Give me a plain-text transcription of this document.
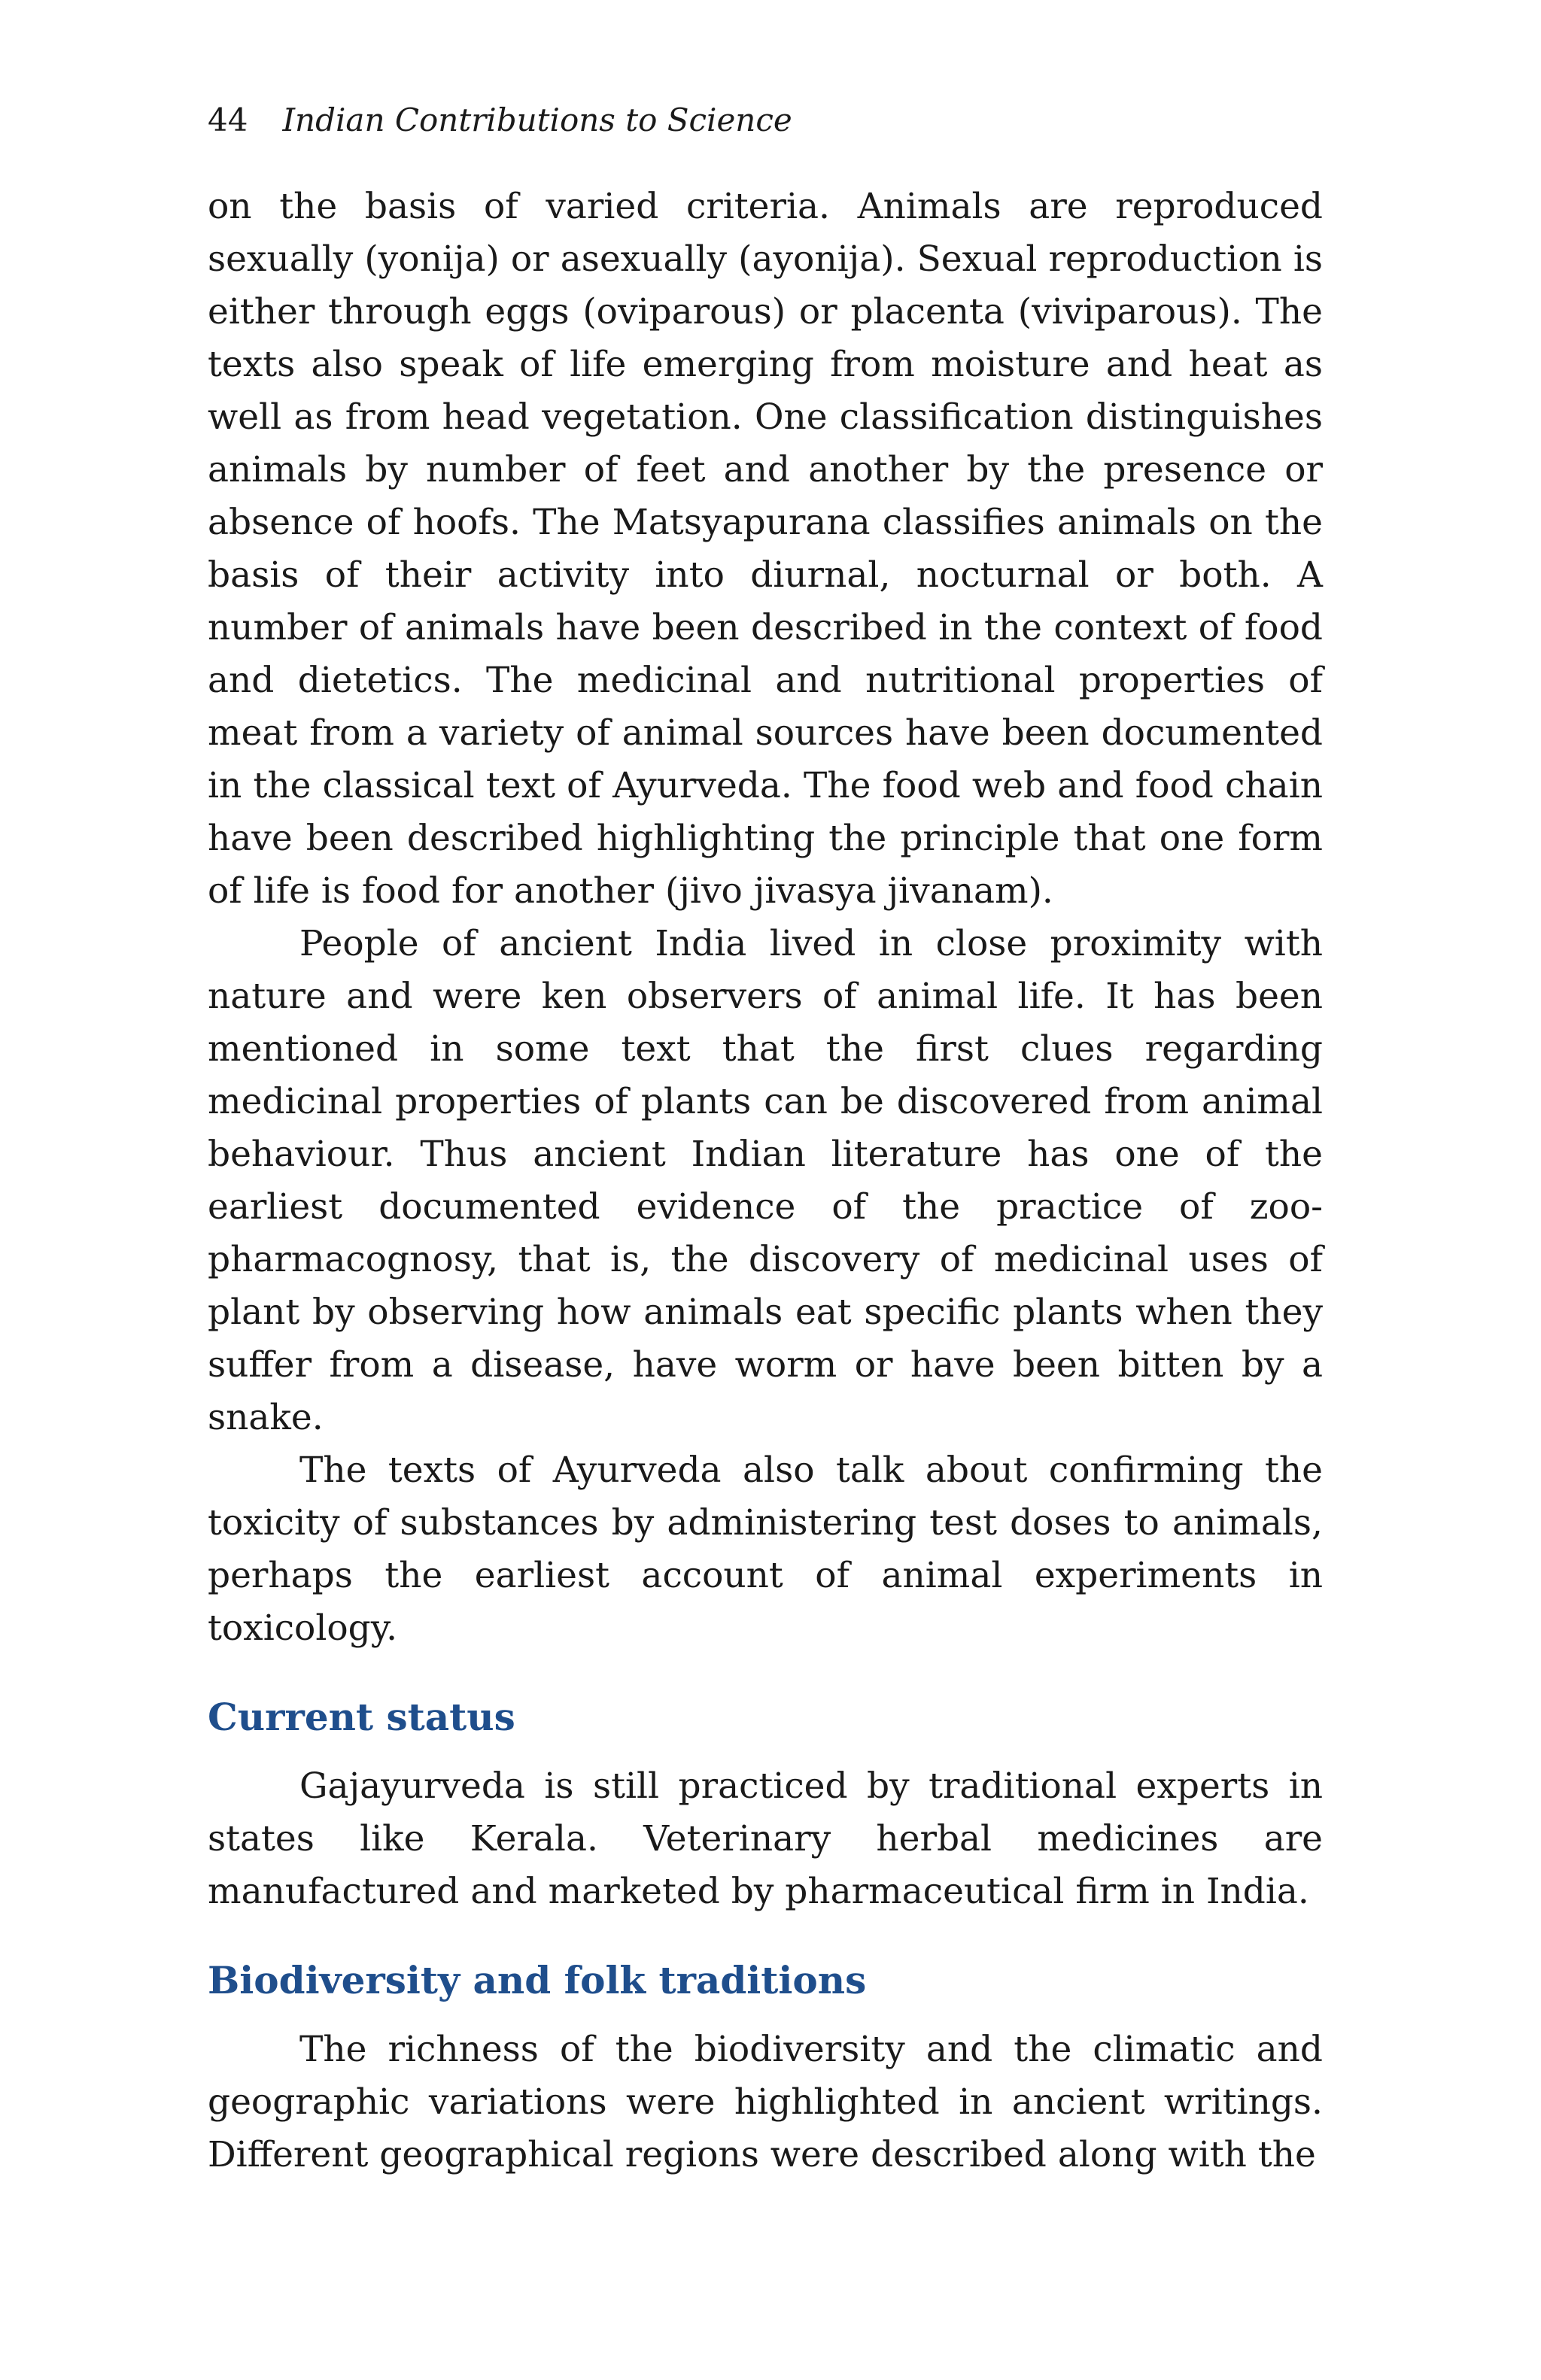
44 Indian Contributions to Science

on the basis of varied criteria. Animals are reproduced sexually (yonija) or asexually (ayonija). Sexual reproduction is either through eggs (oviparous) or placenta (viviparous). The texts also speak of life emerging from moisture and heat as well as from head vegetation. One classification distinguishes animals by number of feet and another by the presence or absence of hoofs. The Matsyapurana classifies animals on the basis of their activity into diurnal, nocturnal or both. A number of animals have been described in the context of food and dietetics. The medicinal and nutritional properties of meat from a variety of animal sources have been documented in the classical text of Ayurveda. The food web and food chain have been described highlighting the principle that one form of life is food for another (jivo jivasya jivanam).

People of ancient India lived in close proximity with nature and were ken observers of animal life. It has been mentioned in some text that the first clues regarding medicinal properties of plants can be discovered from animal behaviour. Thus ancient Indian literature has one of the earliest documented evidence of the practice of zoo-pharmacognosy, that is, the discovery of medicinal uses of plant by observing how animals eat specific plants when they suffer from a disease, have worm or have been bitten by a snake.

The texts of Ayurveda also talk about confirming the toxicity of substances by administering test doses to animals, perhaps the earliest account of animal experiments in toxicology.

Current status

Gajayurveda is still practiced by traditional experts in states like Kerala. Veterinary herbal medicines are manufactured and marketed by pharmaceutical firm in India.

Biodiversity and folk traditions

The richness of the biodiversity and the climatic and geographic variations were highlighted in ancient writings. Different geographical regions were described along with the
